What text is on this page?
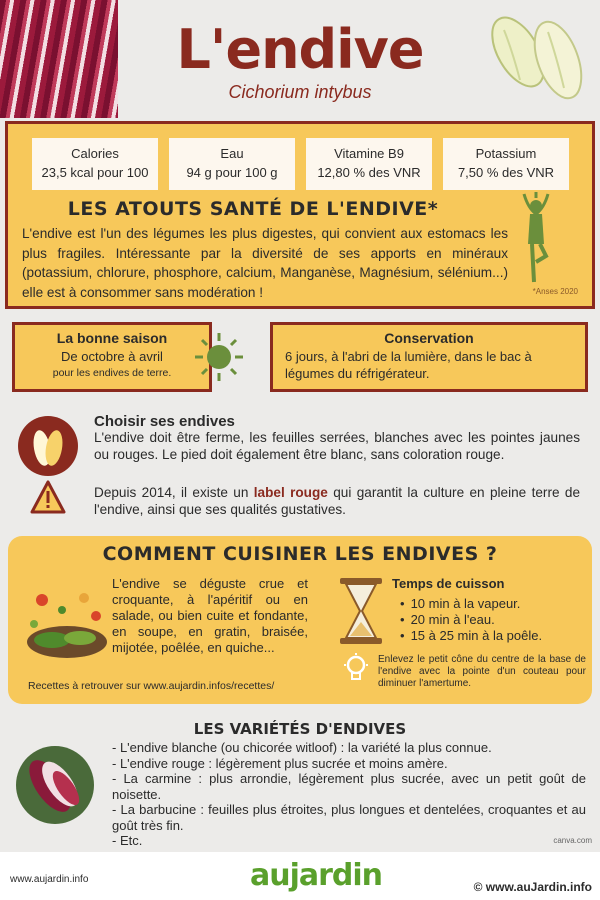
L'endive
Cichorium intybus
Calories
23,5 kcal pour 100
Eau
94 g pour 100 g
Vitamine B9
12,80 % des VNR
Potassium
7,50 % des VNR
LES ATOUTS SANTÉ DE L'ENDIVE*
L'endive est l'un des légumes les plus digestes, qui convient aux estomacs les plus fragiles. Intéressante par la diversité de ses apports en minéraux (potassium, chlorure, phosphore, calcium, Manganèse, Magnésium, sélénium...) elle est à consommer sans modération !	*Anses 2020
La bonne saison
De octobre à avril
pour les endives de terre.
Conservation
6 jours, à l'abri de la lumière, dans le bac à légumes du réfrigérateur.
Choisir ses endives
L'endive doit être ferme, les feuilles serrées, blanches avec les pointes jaunes ou rouges. Le pied doit également être blanc, sans coloration rouge.
Depuis 2014, il existe un label rouge qui garantit la culture en pleine terre de l'endive, ainsi que ses qualités gustatives.
COMMENT CUISINER LES ENDIVES ?
L'endive se déguste crue et croquante, à l'apéritif ou en salade, ou bien cuite et fondante, en soupe, en gratin, braisée, mijotée, poêlée, en quiche...
Recettes à retrouver sur www.aujardin.infos/recettes/
Temps de cuisson
• 10 min à la vapeur.
• 20 min à l'eau.
• 15 à 25 min à la poêle.
Enlevez le petit cône du centre de la base de l'endive avec la pointe d'un couteau pour diminuer l'amertume.
LES VARIÉTÉS D'ENDIVES
- L'endive blanche (ou chicorée witloof) : la variété la plus connue.
- L'endive rouge : légèrement plus sucrée et moins amère.
- La carmine : plus arrondie, légèrement plus sucrée, avec un petit goût de noisette.
- La barbucine : feuilles plus étroites, plus longues et dentelées, croquantes et au goût très fin.
- Etc.	canva.com
www.aujardin.info	aujardin	© www.auJardin.info
